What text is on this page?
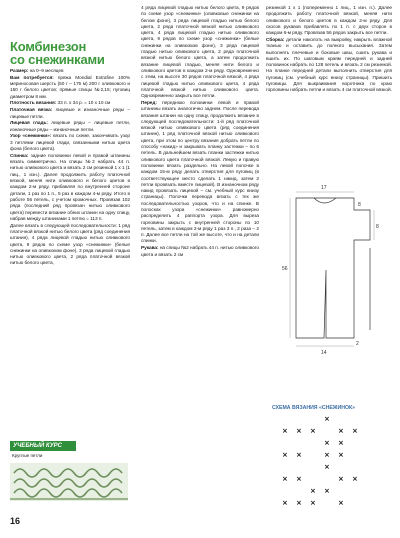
Комбинезон
со снежинками

Размер: на 0–9 месяцев

Вам потребуется: пряжа Mondial Extrafine 100% мериносовая шерсть (50 г – 175 м) 200 г оливкового и 150 г белого цветов; прямые спицы №2,15; пуговиц диаметром 8 мм.

Плотность вязания: 33 п. х 34 р. = 10 х 10 см

Платочная вязка: лицевые и изнаночные ряды – лицевые петли.

Лицевая гладь: лицевые ряды – лицевые петли, изнаночные ряды – изнаночные петли.

Узор «снежинки»: вязать по схеме, закончивать узор 3 петлями лицевой глади, связанными нитью цвета фона (белого цвета).

Спинка: задние половинки левой и правой штанины вязать симметрично. На спицы №2 набрать 44 п. нитью оливкового цвета и вязать 2 см резинкой 1 х 1 (1 лиц., 1 изн.). Далее продолжить работу платочной вязкой, меняя нити оливкового и белого цветов в каждом 2-м ряду, прибавляя по внутренней стороне детали, 1 раз по 1 п., 5 раз в каждом 4-м ряду. Итого в работе 56 петель, с учетом кромочных. Провязав 102 ряда (последний ряд провязан нитью оливкового цвета) перевести вязание обеих штанин на одну спицу, набрав между штанинами 1 петлю = 113 п.

Далее вязать в следующей последовательности: 1 ряд платочной вязкой нитью белого цвета (ряд соединения штанин), 4 ряда лицевой гладью нитью оливкового цвета, 9 рядов по схеме узор «снежинки» (белые снежинки на оливковом фоне), 3 ряда лицевой гладью нитью оливкового цвета, 2 ряда платочной вязкой нитью белого цвета,

УЧЕБНЫЙ КУРС
Круглые петли
16

4 ряда лицевой гладью нитью белого цвета, 9 рядов по схеме узор «снежинки» (оливковые снежинки на белом фоне), 3 ряда лицевой гладью нитью белого цвета, 2 ряда платочной вязкой нитью оливкового цвета, 4 ряда лицевой гладью нитью оливкового цвета, 9 рядов по схеме узор «снежинки» (белые снежинки на оливковом фоне), 3 ряда лицевой гладью нитью оливкового цвета, 2 ряда платочной вязкой нитью белого цвета, а затем продолжить вязание лицевой гладью, меняя нити белого и оливкового цветов в каждом 2-м ряду. Одновременно с этим, на высоте 30 рядов платочной вязкой, 4 ряда лицевой гладью нитью оливкового цвета, 4 ряда платочной вязкой нитью оливкового цвета. Одновременно закрыть все петли.

Перед: переднюю половинки левой и правой штанины вязать аналогично заднем. После перевода вязания штанин на одну спицу, продолжить вязание в следующей последовательности: 1-й ряд платочной вязкой нитью оливкового цвета (ряд соединения штанин), 1 ряд платочной вязкой нитью оливкового цвета, при этом по центру вязания добрать петли по способу «накид» и закрывать планку застежки – по 6 петель. В дальнейшем вязать планки застежки нитью оливкового цвета платочной вязкой. Левую и правую половинки вязать раздельно. На левой полочке в каждом 15-м ряду делать отверстия для пуговиц (в соответствующее место сделать 1 накид, затем 2 петли провязать вместе лицевой). В изнаночном ряду накид провязать лицевой – см. учебный курс внизу страницы). Полочки перевода вязать с тех же последовательностью узоров, что и на спинке. В полосках узора «снежинки» равномерно распределить 4 раппорта узора. Для выреза горловины закрыть с внутренней стороны по 10 петель, затем в каждом 2-м ряду 1 раз 3 п., 2 раза – 2 п. Далее все петли на той же высоте, что и на детали спинки.

Рукава: на спицы №2 набрать 44 п. нитью оливкового цвета и вязать 2 см

резинкой 1 х 1 (попеременно 1 лиц., 1 изн. п.). Далее продолжить работу платочной вязкой, меняя нити оливкового и белого цветов в каждом 2-м ряду. Для скосов рукавов прибавлять по 1 п. с двух сторон в каждом 6-м ряду. Провязав 56 рядов закрыть все петли.

Сборка: детали наколоть на выкройку, накрыть влажной тканью и оставить до полного высыхания. Затем выполнять плечевые и боковые швы, сшить рукава и вшить их. По шаговым краям передней и задней половинок набрать по 128 петель и вязать 2 см резинкой. На планке передней детали выполнить отверстия для пуговиц (см. учебный курс внизу страницы). Пришить пуговицы. Для выкраивания воротника по краю горловины набрать петли и вязать 4 см платочной вязкой.

56
14
8
17
2
8
СХЕМА ВЯЗАНИЯ «СНЕЖИНОК»
×
× × ×	× ×
× ×
× ×	× ×
×
× ×	× ×
× ×
× × ×	×
